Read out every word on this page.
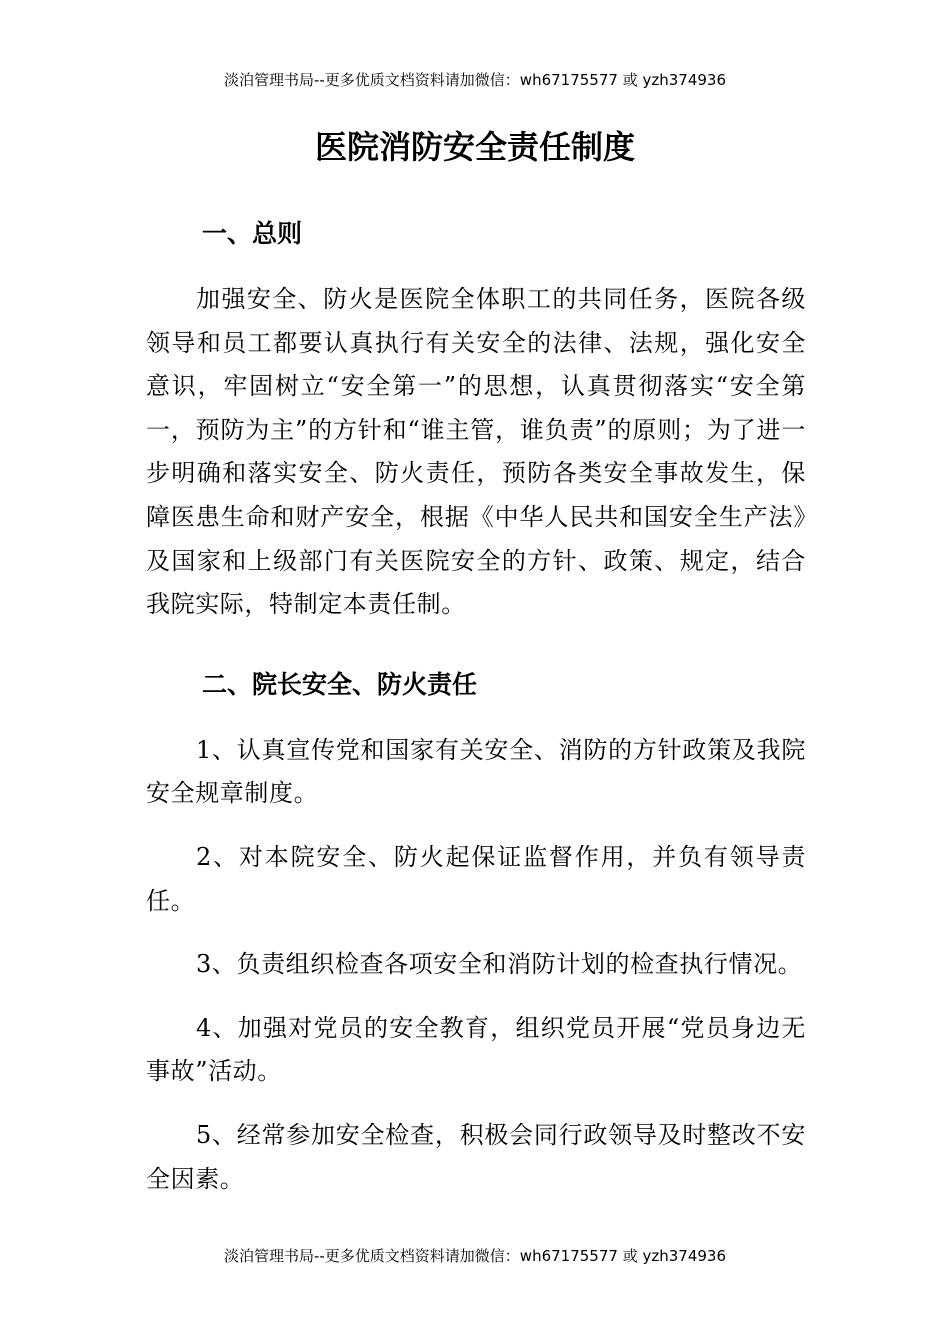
淡泊管理书局--更多优质文档资料请加微信：wh67175577 或 yzh374936
医院消防安全责任制度
一、总则

加强安全、防火是医院全体职工的共同任务，医院各级领导和员工都要认真执行有关安全的法律、法规，强化安全意识，牢固树立“安全第一”的思想，认真贯彻落实“安全第一，预防为主”的方针和“谁主管，谁负责”的原则；为了进一步明确和落实安全、防火责任，预防各类安全事故发生，保障医患生命和财产安全，根据《中华人民共和国安全生产法》及国家和上级部门有关医院安全的方针、政策、规定，结合我院实际，特制定本责任制。

二、院长安全、防火责任

1、认真宣传党和国家有关安全、消防的方针政策及我院安全规章制度。

2、对本院安全、防火起保证监督作用，并负有领导责任。

3、负责组织检查各项安全和消防计划的检查执行情况。

4、加强对党员的安全教育，组织党员开展“党员身边无事故”活动。

5、经常参加安全检查，积极会同行政领导及时整改不安全因素。

淡泊管理书局--更多优质文档资料请加微信：wh67175577 或 yzh374936
